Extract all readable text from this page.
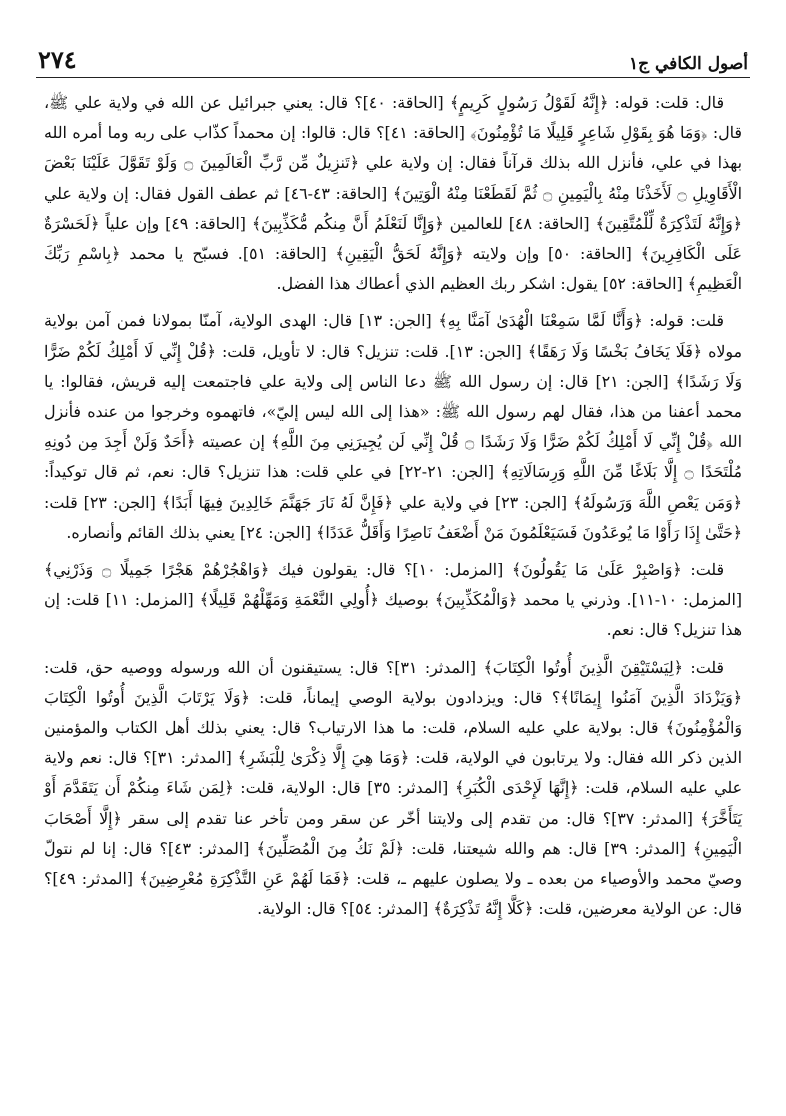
٢٧٤	أصول الكافي ج١

قال: قلت: قوله: ﴿إِنَّهُ لَقَوْلُ رَسُولٍ كَرِيمٍ﴾ [الحاقة: ٤٠]؟ قال: يعني جبرائيل عن الله في ولاية علي ﷺ، قال: ﴿وَمَا هُوَ بِقَوْلِ شَاعِرٍ قَلِيلًا مَا تُؤْمِنُونَ﴾ [الحاقة: ٤١]؟ قال: قالوا: إن محمداً كذّاب على ربه وما أمره الله بهذا في علي، فأنزل الله بذلك قرآناً فقال: إن ولاية علي ﴿تَنزِيلٌ مِّن رَّبِّ الْعَالَمِينَ ۝ وَلَوْ تَقَوَّلَ عَلَيْنَا بَعْضَ الْأَقَاوِيلِ ۝ لَأَخَذْنَا مِنْهُ بِالْيَمِينِ ۝ ثُمَّ لَقَطَعْنَا مِنْهُ الْوَتِينَ﴾ [الحاقة: ٤٣-٤٦] ثم عطف القول فقال: إن ولاية علي ﴿وَإِنَّهُ لَتَذْكِرَةٌ لِّلْمُتَّقِينَ﴾ [الحاقة: ٤٨] للعالمين ﴿وَإِنَّا لَنَعْلَمُ أَنَّ مِنكُم مُّكَذِّبِينَ﴾ [الحاقة: ٤٩] وإن علياً ﴿لَحَسْرَةٌ عَلَى الْكَافِرِينَ﴾ [الحاقة: ٥٠] وإن ولايته ﴿وَإِنَّهُ لَحَقُّ الْيَقِينِ﴾ [الحاقة: ٥١]. فسبّح يا محمد ﴿بِاسْمِ رَبِّكَ الْعَظِيمِ﴾ [الحاقة: ٥٢] يقول: اشكر ربك العظيم الذي أعطاك هذا الفضل.

قلت: قوله: ﴿وَأَنَّا لَمَّا سَمِعْنَا الْهُدَىٰ آمَنَّا بِهِ﴾ [الجن: ١٣] قال: الهدى الولاية، آمنّا بمولانا فمن آمن بولاية مولاه ﴿فَلَا يَخَافُ بَخْسًا وَلَا رَهَقًا﴾ [الجن: ١٣]. قلت: تنزيل؟ قال: لا تأويل، قلت: ﴿قُلْ إِنِّي لَا أَمْلِكُ لَكُمْ ضَرًّا وَلَا رَشَدًا﴾ [الجن: ٢١] قال: إن رسول الله ﷺ دعا الناس إلى ولاية علي فاجتمعت إليه قريش، فقالوا: يا محمد أعفنا من هذا، فقال لهم رسول الله ﷺ: «هذا إلى الله ليس إليّ»، فاتهموه وخرجوا من عنده فأنزل الله ﴿قُلْ إِنِّي لَا أَمْلِكُ لَكُمْ ضَرًّا وَلَا رَشَدًا ۝ قُلْ إِنِّي لَن يُجِيرَنِي مِنَ اللَّهِ﴾ إن عصيته ﴿أَحَدٌ وَلَنْ أَجِدَ مِن دُونِهِ مُلْتَحَدًا ۝ إِلَّا بَلَاغًا مِّنَ اللَّهِ وَرِسَالَاتِهِ﴾ [الجن: ٢١-٢٢] في علي قلت: هذا تنزيل؟ قال: نعم، ثم قال توكيداً: ﴿وَمَن يَعْصِ اللَّهَ وَرَسُولَهُ﴾ [الجن: ٢٣] في ولاية علي ﴿فَإِنَّ لَهُ نَارَ جَهَنَّمَ خَالِدِينَ فِيهَا أَبَدًا﴾ [الجن: ٢٣] قلت: ﴿حَتَّىٰ إِذَا رَأَوْا مَا يُوعَدُونَ فَسَيَعْلَمُونَ مَنْ أَضْعَفُ نَاصِرًا وَأَقَلُّ عَدَدًا﴾ [الجن: ٢٤] يعني بذلك القائم وأنصاره.

قلت: ﴿وَاصْبِرْ عَلَىٰ مَا يَقُولُونَ﴾ [المزمل: ١٠]؟ قال: يقولون فيك ﴿وَاهْجُرْهُمْ هَجْرًا جَمِيلًا ۝ وَذَرْنِي﴾ [المزمل: ١٠-١١]. وذرني يا محمد ﴿وَالْمُكَذِّبِينَ﴾ بوصيك ﴿أُولِي النَّعْمَةِ وَمَهِّلْهُمْ قَلِيلًا﴾ [المزمل: ١١] قلت: إن هذا تنزيل؟ قال: نعم.

قلت: ﴿لِيَسْتَيْقِنَ الَّذِينَ أُوتُوا الْكِتَابَ﴾ [المدثر: ٣١]؟ قال: يستيقنون أن الله ورسوله ووصيه حق، قلت: ﴿وَيَزْدَادَ الَّذِينَ آمَنُوا إِيمَانًا﴾؟ قال: ويزدادون بولاية الوصي إيماناً، قلت: ﴿وَلَا يَرْتَابَ الَّذِينَ أُوتُوا الْكِتَابَ وَالْمُؤْمِنُونَ﴾ قال: بولاية علي عليه السلام، قلت: ما هذا الارتياب؟ قال: يعني بذلك أهل الكتاب والمؤمنين الذين ذكر الله فقال: ولا يرتابون في الولاية، قلت: ﴿وَمَا هِيَ إِلَّا ذِكْرَىٰ لِلْبَشَرِ﴾ [المدثر: ٣١]؟ قال: نعم ولاية علي عليه السلام، قلت: ﴿إِنَّهَا لَإِحْدَى الْكُبَرِ﴾ [المدثر: ٣٥] قال: الولاية، قلت: ﴿لِمَن شَاءَ مِنكُمْ أَن يَتَقَدَّمَ أَوْ يَتَأَخَّرَ﴾ [المدثر: ٣٧]؟ قال: من تقدم إلى ولايتنا أخّر عن سقر ومن تأخر عنا تقدم إلى سقر ﴿إِلَّا أَصْحَابَ الْيَمِينِ﴾ [المدثر: ٣٩] قال: هم والله شيعتنا، قلت: ﴿لَمْ نَكُ مِنَ الْمُصَلِّينَ﴾ [المدثر: ٤٣]؟ قال: إنا لم نتولّ وصيّ محمد والأوصياء من بعده ـ ولا يصلون عليهم ـ، قلت: ﴿فَمَا لَهُمْ عَنِ التَّذْكِرَةِ مُعْرِضِينَ﴾ [المدثر: ٤٩]؟ قال: عن الولاية معرضين، قلت: ﴿كَلَّا إِنَّهُ تَذْكِرَةٌ﴾ [المدثر: ٥٤]؟ قال: الولاية.
